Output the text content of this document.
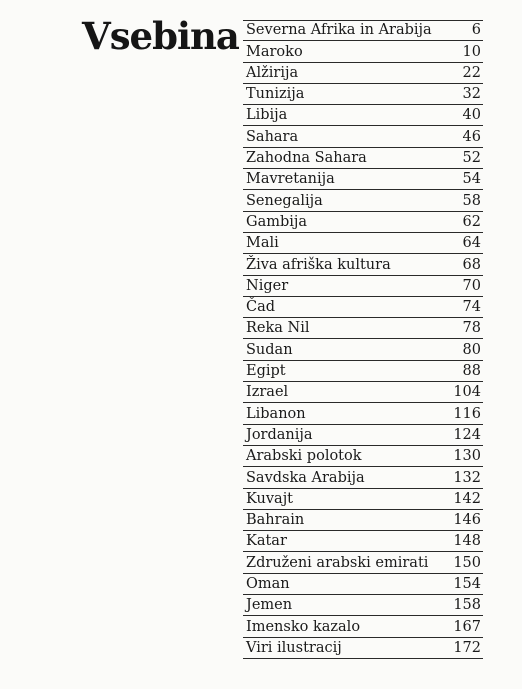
Vsebina Severna Afrika in Arabija	6
Maroko	10
Alžirija	22
Tunizija	32
Libija	40
Sahara	46
Zahodna Sahara	52
Mavretanija	54
Senegalija	58
Gambija	62
Mali	64
Živa afriška kultura	68
Niger	70
Čad	74
Reka Nil	78
Sudan	80
Egipt	88
Izrael	104
Libanon	116
Jordanija	124
Arabski polotok	130
Savdska Arabija	132
Kuvajt	142
Bahrain	146
Katar	148
Združeni arabski emirati 150
Oman	154
Jemen	158
Imensko kazalo	167
Viri ilustracij	172
